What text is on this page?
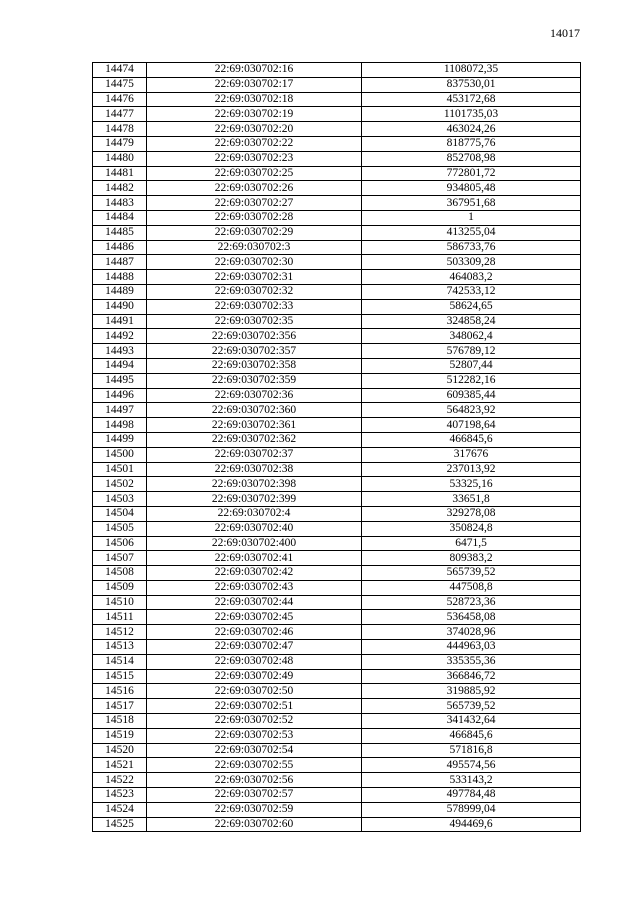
14017
14474	22:69:030702:16	1108072,35
14475	22:69:030702:17	837530,01
14476	22:69:030702:18	453172,68
14477	22:69:030702:19	1101735,03
14478	22:69:030702:20	463024,26
14479	22:69:030702:22	818775,76
14480	22:69:030702:23	852708,98
14481	22:69:030702:25	772801,72
14482	22:69:030702:26	934805,48
14483	22:69:030702:27	367951,68
14484	22:69:030702:28	1
14485	22:69:030702:29	413255,04
14486	22:69:030702:3	586733,76
14487	22:69:030702:30	503309,28
14488	22:69:030702:31	464083,2
14489	22:69:030702:32	742533,12
14490	22:69:030702:33	58624,65
14491	22:69:030702:35	324858,24
14492	22:69:030702:356	348062,4
14493	22:69:030702:357	576789,12
14494	22:69:030702:358	52807,44
14495	22:69:030702:359	512282,16
14496	22:69:030702:36	609385,44
14497	22:69:030702:360	564823,92
14498	22:69:030702:361	407198,64
14499	22:69:030702:362	466845,6
14500	22:69:030702:37	317676
14501	22:69:030702:38	237013,92
14502	22:69:030702:398	53325,16
14503	22:69:030702:399	33651,8
14504	22:69:030702:4	329278,08
14505	22:69:030702:40	350824,8
14506	22:69:030702:400	6471,5
14507	22:69:030702:41	809383,2
14508	22:69:030702:42	565739,52
14509	22:69:030702:43	447508,8
14510	22:69:030702:44	528723,36
14511	22:69:030702:45	536458,08
14512	22:69:030702:46	374028,96
14513	22:69:030702:47	444963,03
14514	22:69:030702:48	335355,36
14515	22:69:030702:49	366846,72
14516	22:69:030702:50	319885,92
14517	22:69:030702:51	565739,52
14518	22:69:030702:52	341432,64
14519	22:69:030702:53	466845,6
14520	22:69:030702:54	571816,8
14521	22:69:030702:55	495574,56
14522	22:69:030702:56	533143,2
14523	22:69:030702:57	497784,48
14524	22:69:030702:59	578999,04
14525	22:69:030702:60	494469,6
